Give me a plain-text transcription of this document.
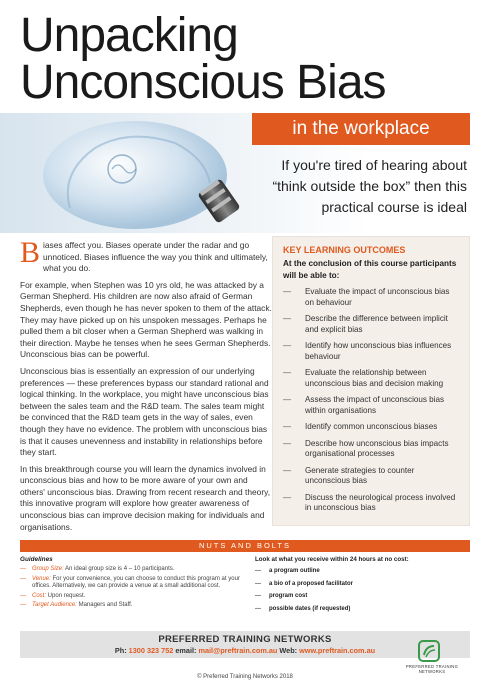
Unpacking
Unconscious Bias
in the workplace
If you're tired of hearing about “think outside the box” then this practical course is ideal

Biases affect you. Biases operate under the radar and go unnoticed. Biases influence the way you think and ultimately, what you do.

For example, when Stephen was 10 yrs old, he was attacked by a German Shepherd. His children are now also afraid of German Shepherds, even though he has never spoken to them of the attack. They may have picked up on his unspoken messages. Perhaps he pulled them a bit closer when a German Shepherd was walking in their direction. Maybe he tenses when he sees German Shepherds. Unconscious bias can be powerful.

Unconscious bias is essentially an expression of our underlying preferences — these preferences bypass our standard rational and logical thinking. In the workplace, you might have unconscious bias between the sales team and the R&D team. The sales team might be convinced that the R&D team gets in the way of sales, even though they have no evidence. The problem with unconscious bias is that it causes unevenness and instability in relationships before they start.

In this breakthrough course you will learn the dynamics involved in unconscious bias and how to be more aware of your own and others' unconscious bias. Drawing from recent research and theory, this innovative program will explore how greater awareness of unconscious bias can improve decision making for individuals and organisations.

KEY LEARNING OUTCOMES
At the conclusion of this course participants will be able to:
— Evaluate the impact of unconscious bias on behaviour
— Describe the difference between implicit and explicit bias
— Identify how unconscious bias influences behaviour
— Evaluate the relationship between unconscious bias and decision making
— Assess the impact of unconscious bias within organisations
— Identify common unconscious biases
— Describe how unconscious bias impacts organisational processes
— Generate strategies to counter unconscious bias
— Discuss the neurological process involved in unconscious bias
NUTS AND BOLTS
Guidelines
— Group Size: An ideal group size is 4 – 10 participants.
— Venue: For your convenience, you can choose to conduct this program at your offices. Alternatively, we can provide a venue at a small additional cost.
— Cost: Upon request.
— Target Audience: Managers and Staff.
Look at what you receive within 24 hours at no cost:
— a program outline
— a bio of a proposed facilitator
— program cost
— possible dates (if requested)
PREFERRED TRAINING NETWORKS
Ph: 1300 323 752 email: mail@preftrain.com.au Web: www.preftrain.com.au
PREFERRED TRAINING NETWORKS
© Preferred Training Networks 2018
